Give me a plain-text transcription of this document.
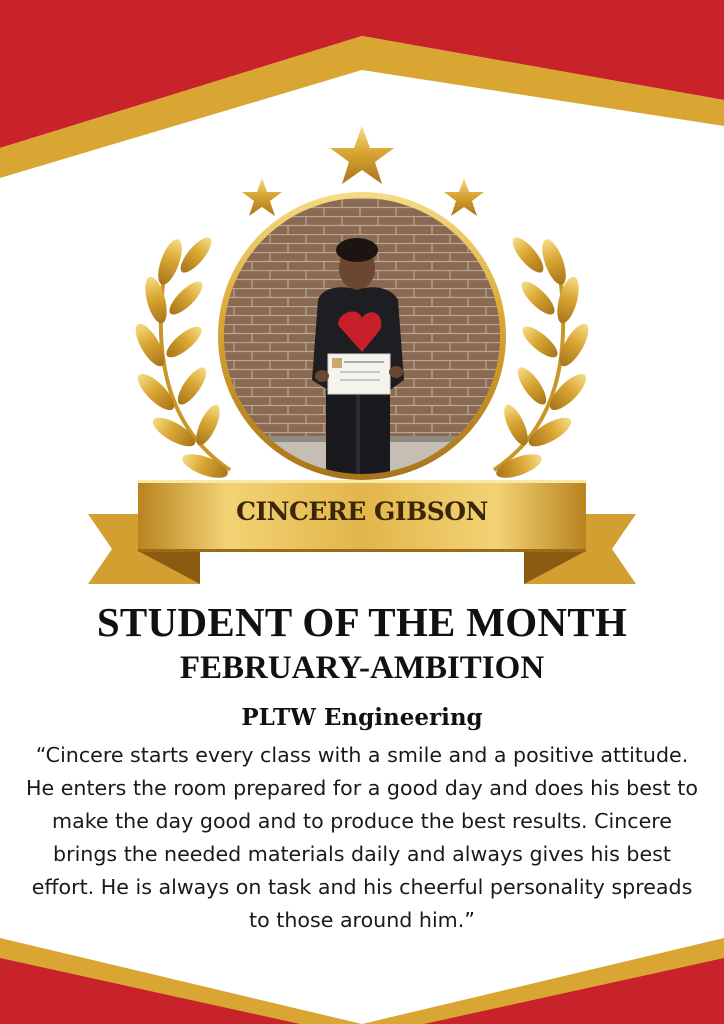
CINCERE GIBSON
STUDENT OF THE MONTH
FEBRUARY-AMBITION
PLTW Engineering
“Cincere starts every class with a smile and a positive attitude. He enters the room prepared for a good day and does his best to make the day good and to produce the best results. Cincere brings the needed materials daily and always gives his best effort. He is always on task and his cheerful personality spreads to those around him.”
